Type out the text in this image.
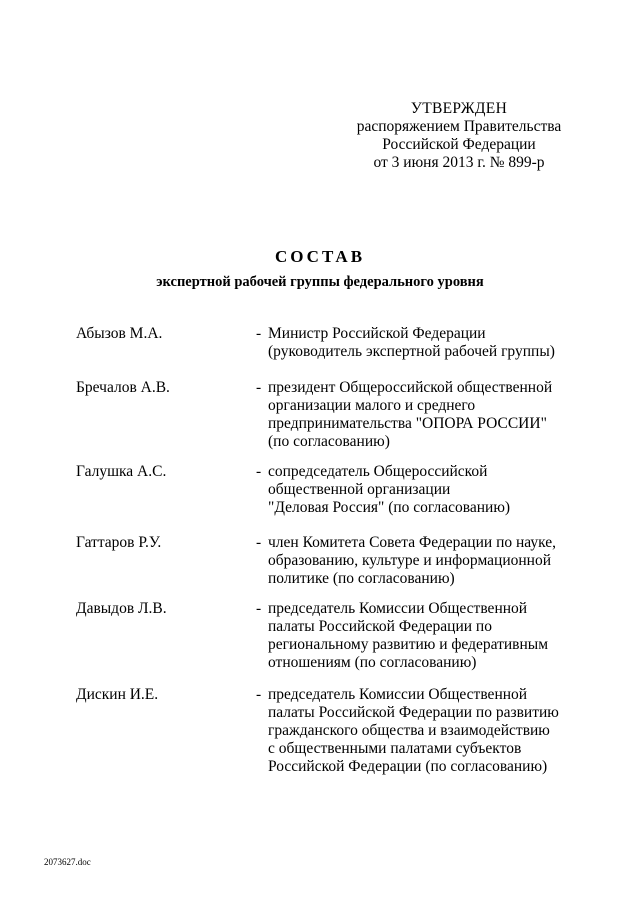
УТВЕРЖДЕН
распоряжением Правительства
Российской Федерации
от 3 июня 2013 г. № 899-р
СОСТАВ
экспертной рабочей группы федерального уровня
Абызов М.А.	- Министр Российской Федерации
(руководитель экспертной рабочей группы)
Бречалов А.В.	- президент Общероссийской общественной
организации малого и среднего
предпринимательства "ОПОРА РОССИИ"
(по согласованию)
Галушка А.С.	- сопредседатель Общероссийской
общественной организации
"Деловая Россия" (по согласованию)
Гаттаров Р.У.	- член Комитета Совета Федерации по науке,
образованию, культуре и информационной
политике (по согласованию)
Давыдов Л.В.	- председатель Комиссии Общественной
палаты Российской Федерации по
региональному развитию и федеративным
отношениям (по согласованию)
Дискин И.Е.	- председатель Комиссии Общественной
палаты Российской Федерации по развитию
гражданского общества и взаимодействию
с общественными палатами субъектов
Российской Федерации (по согласованию)
2073627.doc
